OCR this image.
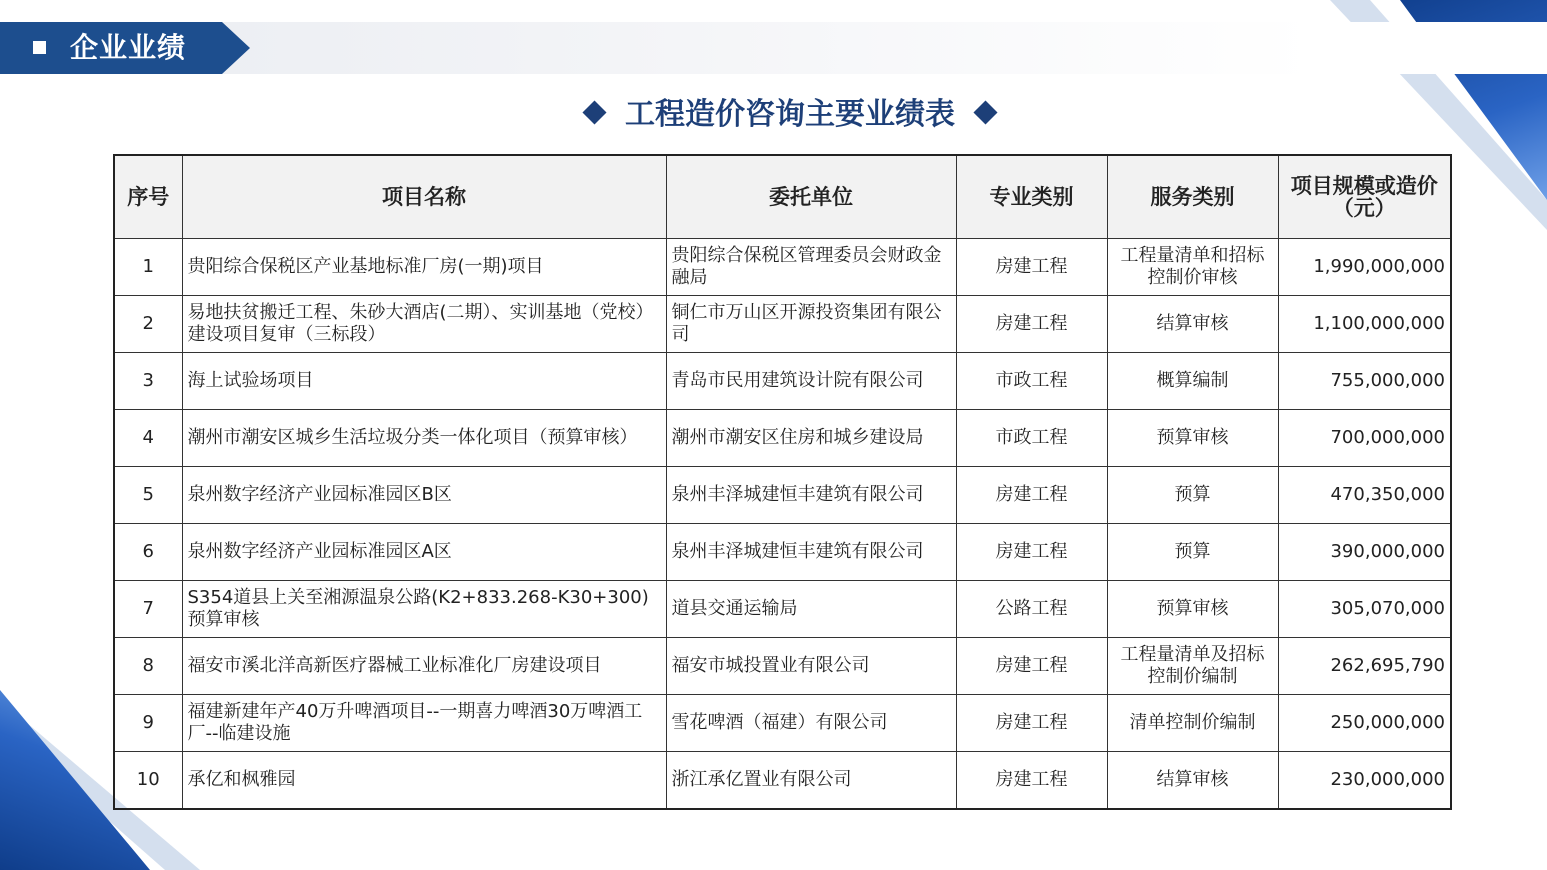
企业业绩
工程造价咨询主要业绩表
序号	项目名称	委托单位	专业类别	服务类别	项目规模或造价（元）
1	贵阳综合保税区产业基地标准厂房(一期)项目	贵阳综合保税区管理委员会财政金融局	房建工程	工程量清单和招标控制价审核	1,990,000,000
2	易地扶贫搬迁工程、朱砂大酒店(二期）、实训基地（党校）建设项目复审（三标段）	铜仁市万山区开源投资集团有限公司	房建工程	结算审核	1,100,000,000
3	海上试验场项目	青岛市民用建筑设计院有限公司	市政工程	概算编制	755,000,000
4	潮州市潮安区城乡生活垃圾分类一体化项目（预算审核）	潮州市潮安区住房和城乡建设局	市政工程	预算审核	700,000,000
5	泉州数字经济产业园标准园区B区	泉州丰泽城建恒丰建筑有限公司	房建工程	预算	470,350,000
6	泉州数字经济产业园标准园区A区	泉州丰泽城建恒丰建筑有限公司	房建工程	预算	390,000,000
7	S354道县上关至湘源温泉公路(K2+833.268-K30+300)预算审核	道县交通运输局	公路工程	预算审核	305,070,000
8	福安市溪北洋高新医疗器械工业标准化厂房建设项目	福安市城投置业有限公司	房建工程	工程量清单及招标控制价编制	262,695,790
9	福建新建年产40万升啤酒项目--一期喜力啤酒30万啤酒工厂--临建设施	雪花啤酒（福建）有限公司	房建工程	清单控制价编制	250,000,000
10	承亿和枫雅园	浙江承亿置业有限公司	房建工程	结算审核	230,000,000
